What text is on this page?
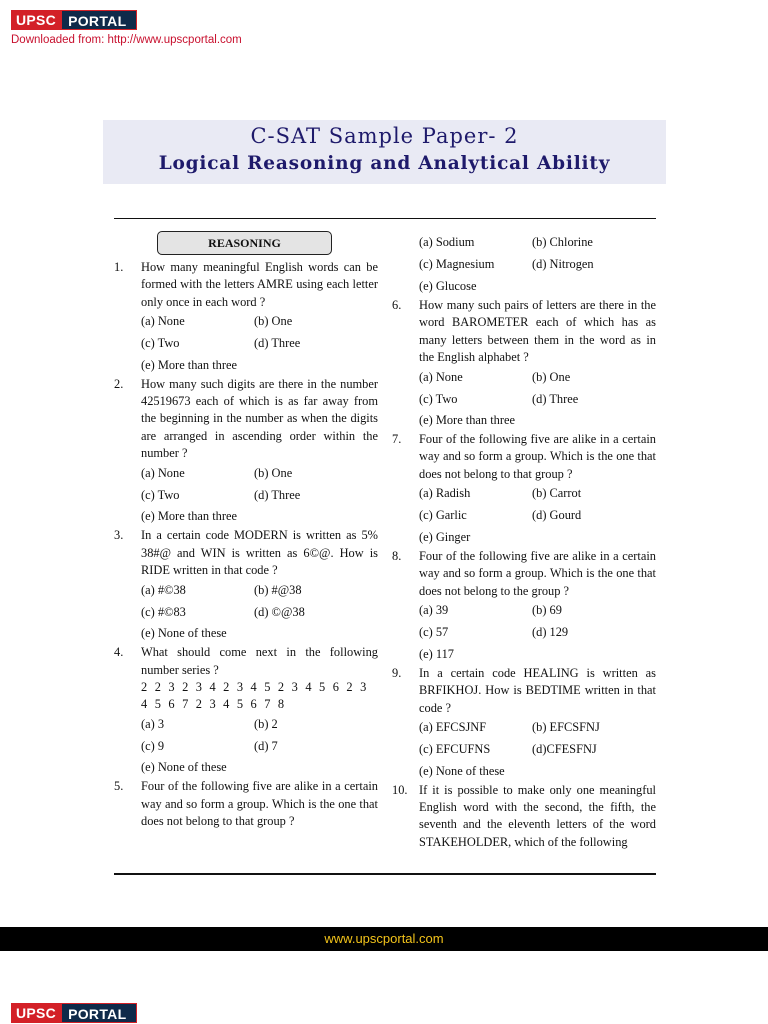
UPSC PORTAL
Downloaded from: http://www.upscportal.com
C-SAT Sample Paper- 2
Logical Reasoning and Analytical Ability
REASONING
1. How many meaningful English words can be formed with the letters AMRE using each letter only once in each word ?
(a) None	(b) One
(c) Two	(d) Three
(e) More than three
2. How many such digits are there in the number 42519673 each of which is as far away from the beginning in the number as when the digits are arranged in ascending order within the number ?
(a) None	(b) One
(c) Two	(d) Three
(e) More than three
3. In a certain code MODERN is written as 5% 38#@ and WIN is written as 6©@. How is RIDE written in that code ?
(a) #©38	(b) #@38
(c) #©83	(d) ©@38
(e) None of these
4. What should come next in the following number series ?
2 2 3 2 3 4 2 3 4 5 2 3 4 5 6 2 3 4 5 6 7 2 3 4 5 6 7 8
(a) 3	(b) 2
(c) 9	(d) 7
(e) None of these
5. Four of the following five are alike in a certain way and so form a group. Which is the one that does not belong to that group ?
(a) Sodium	(b) Chlorine
(c) Magnesium	(d) Nitrogen
(e) Glucose
6. How many such pairs of letters are there in the word BAROMETER each of which has as many letters between them in the word as in the English alphabet ?
(a) None	(b) One
(c) Two	(d) Three
(e) More than three
7. Four of the following five are alike in a certain way and so form a group. Which is the one that does not belong to that group ?
(a) Radish	(b) Carrot
(c) Garlic	(d) Gourd
(e) Ginger
8. Four of the following five are alike in a certain way and so form a group. Which is the one that does not belong to the group ?
(a) 39	(b) 69
(c) 57	(d) 129
(e) 117
9. In a certain code HEALING is written as BRFIKHOJ. How is BEDTIME written in that code ?
(a) EFCSJNF	(b) EFCSFNJ
(c) EFCUFNS	(d)CFESFNJ
(e) None of these
10. If it is possible to make only one meaningful English word with the second, the fifth, the seventh and the eleventh letters of the word STAKEHOLDER, which of the following
www.upscportal.com
UPSC PORTAL
